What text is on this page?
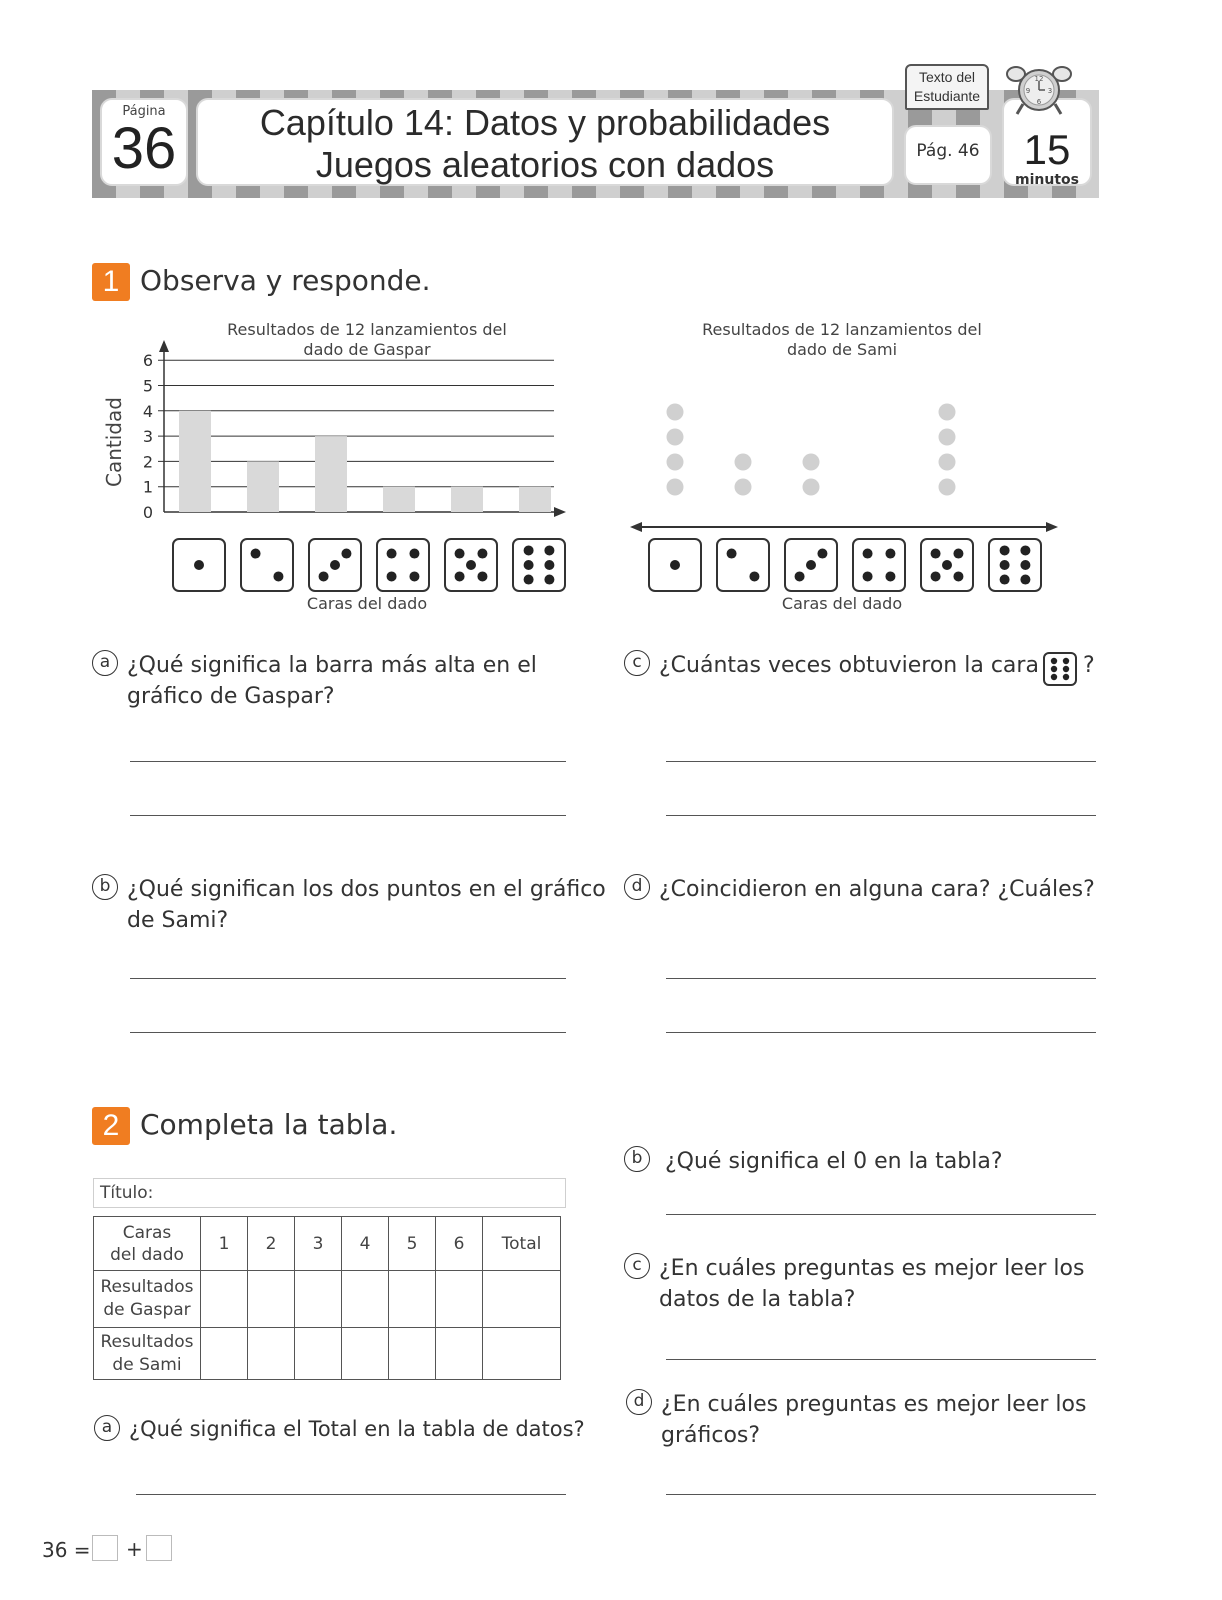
Página
36	Capítulo 14: Datos y probabilidades
Juegos aleatorios con dados	Pág. 46	15
minutos
Texto del
Estudiante
12
3
6
9
1 Observa y responde.
Resultados de 12 lanzamientos del
dado de Gaspar
Cantidad
0
1
2
3
4
5
6
Caras del dado
Resultados de 12 lanzamientos del
dado de Sami
Caras del dado
a ¿Qué significa la barra más alta en el
gráfico de Gaspar?
b ¿Qué significan los dos puntos en el gráfico
de Sami?
c ¿Cuántas veces obtuvieron la cara ?
d ¿Coincidieron en alguna cara? ¿Cuáles?
2 Completa la tabla.
Título:
Caras
del dado	1	2	3	4	5	6	Total

Resultados
de Gaspar							

Resultados
de Sami							

a ¿Qué significa el Total en la tabla de datos?
b	¿Qué significa el 0 en la tabla?
c ¿En cuáles preguntas es mejor leer los
datos de la tabla?
d ¿En cuáles preguntas es mejor leer los
gráficos?
36 = +
